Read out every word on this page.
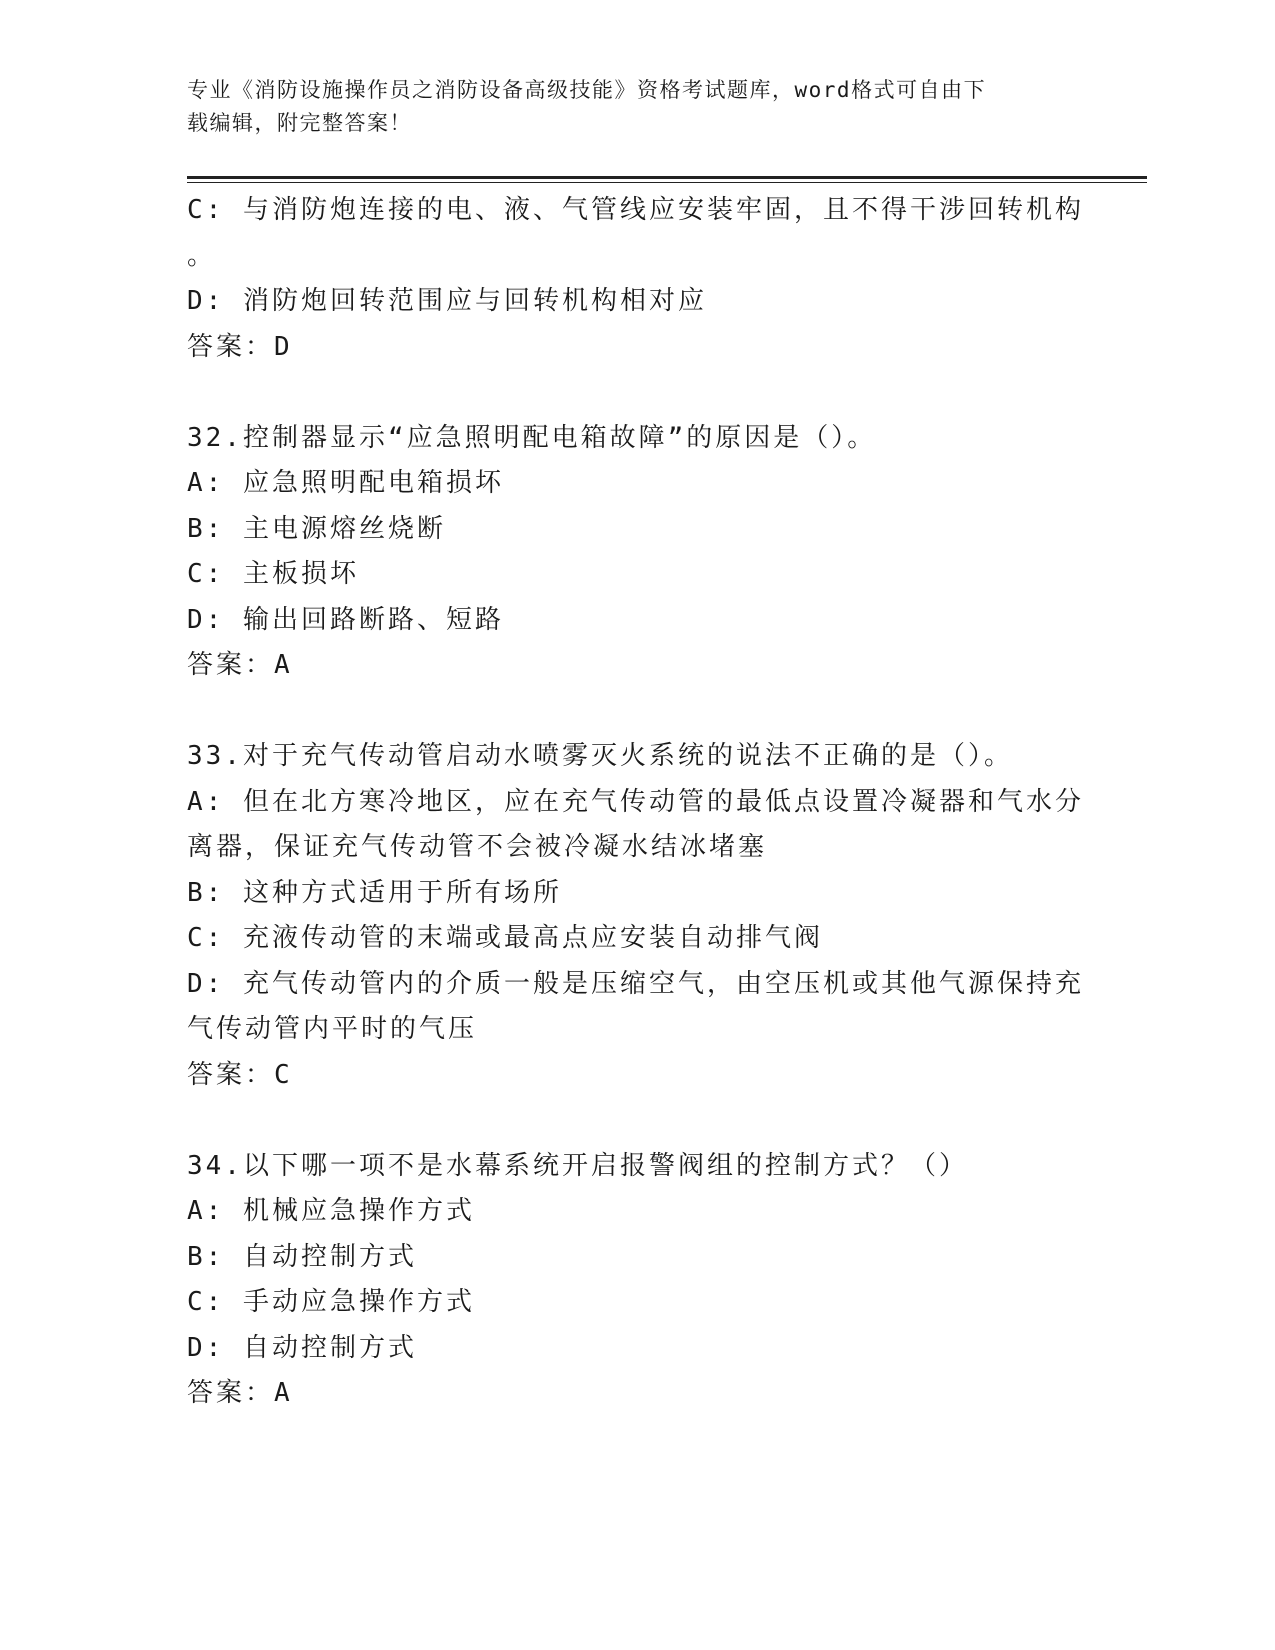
专业《消防设施操作员之消防设备高级技能》资格考试题库，word格式可自由下
载编辑，附完整答案！
C: 与消防炮连接的电、液、气管线应安装牢固，且不得干涉回转机构
。
D: 消防炮回转范围应与回转机构相对应
答案：D
32.控制器显示“应急照明配电箱故障”的原因是（）。
A: 应急照明配电箱损坏
B: 主电源熔丝烧断
C: 主板损坏
D: 输出回路断路、短路
答案：A
33.对于充气传动管启动水喷雾灭火系统的说法不正确的是（）。
A: 但在北方寒冷地区，应在充气传动管的最低点设置冷凝器和气水分
离器，保证充气传动管不会被冷凝水结冰堵塞
B: 这种方式适用于所有场所
C: 充液传动管的末端或最高点应安装自动排气阀
D: 充气传动管内的介质一般是压缩空气，由空压机或其他气源保持充
气传动管内平时的气压
答案：C
34.以下哪一项不是水幕系统开启报警阀组的控制方式？（）
A: 机械应急操作方式
B: 自动控制方式
C: 手动应急操作方式
D: 自动控制方式
答案：A
